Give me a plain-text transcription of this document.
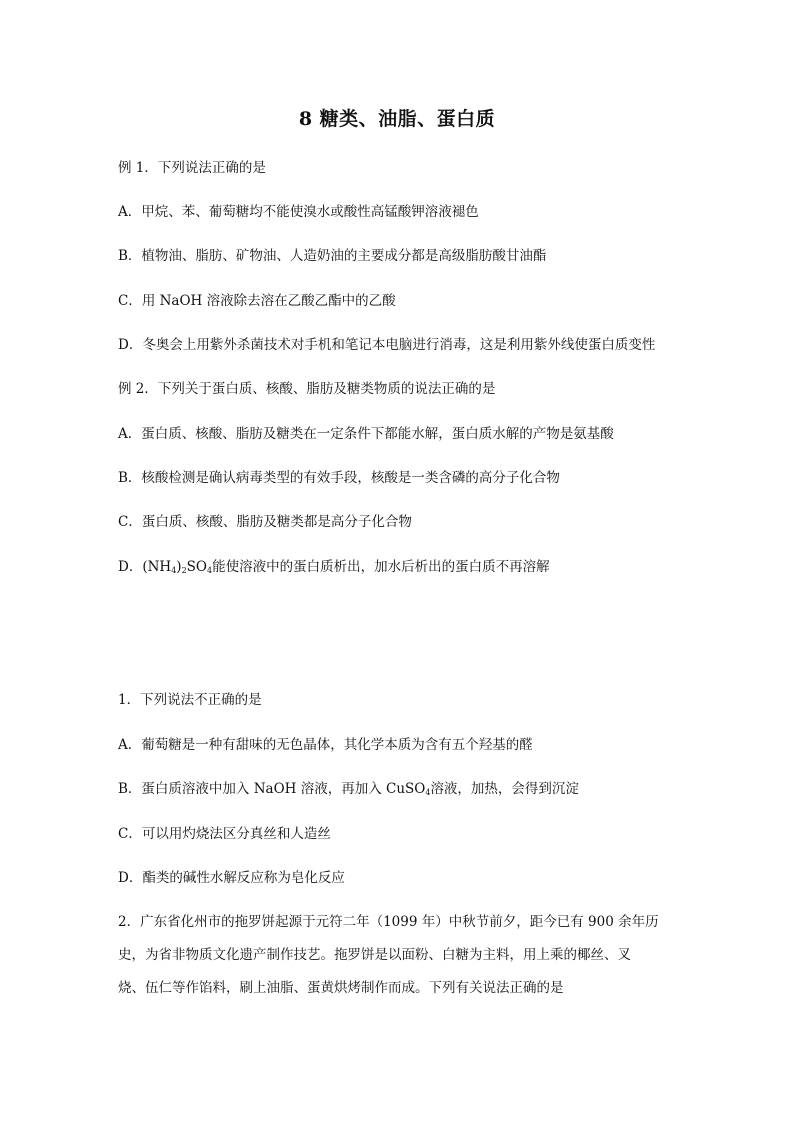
8 糖类、油脂、蛋白质
例 1．下列说法正确的是
A．甲烷、苯、葡萄糖均不能使溴水或酸性高锰酸钾溶液褪色
B．植物油、脂肪、矿物油、人造奶油的主要成分都是高级脂肪酸甘油酯
C．用 NaOH 溶液除去溶在乙酸乙酯中的乙酸
D．冬奥会上用紫外杀菌技术对手机和笔记本电脑进行消毒，这是利用紫外线使蛋白质变性
例 2．下列关于蛋白质、核酸、脂肪及糖类物质的说法正确的是
A．蛋白质、核酸、脂肪及糖类在一定条件下都能水解，蛋白质水解的产物是氨基酸
B．核酸检测是确认病毒类型的有效手段，核酸是一类含磷的高分子化合物
C．蛋白质、核酸、脂肪及糖类都是高分子化合物
D．$(NH_4)_2SO_4$能使溶液中的蛋白质析出，加水后析出的蛋白质不再溶解
1．下列说法不正确的是
A．葡萄糖是一种有甜味的无色晶体，其化学本质为含有五个羟基的醛
B．蛋白质溶液中加入 NaOH 溶液，再加入 CuSO$_4$溶液，加热，会得到沉淀
C．可以用灼烧法区分真丝和人造丝
D．酯类的碱性水解反应称为皂化反应
2．广东省化州市的拖罗饼起源于元符二年（1099 年）中秋节前夕，距今已有 900 余年历
史，为省非物质文化遗产制作技艺。拖罗饼是以面粉、白糖为主料，用上乘的椰丝、叉
烧、伍仁等作馅料，刷上油脂、蛋黄烘烤制作而成。下列有关说法正确的是
